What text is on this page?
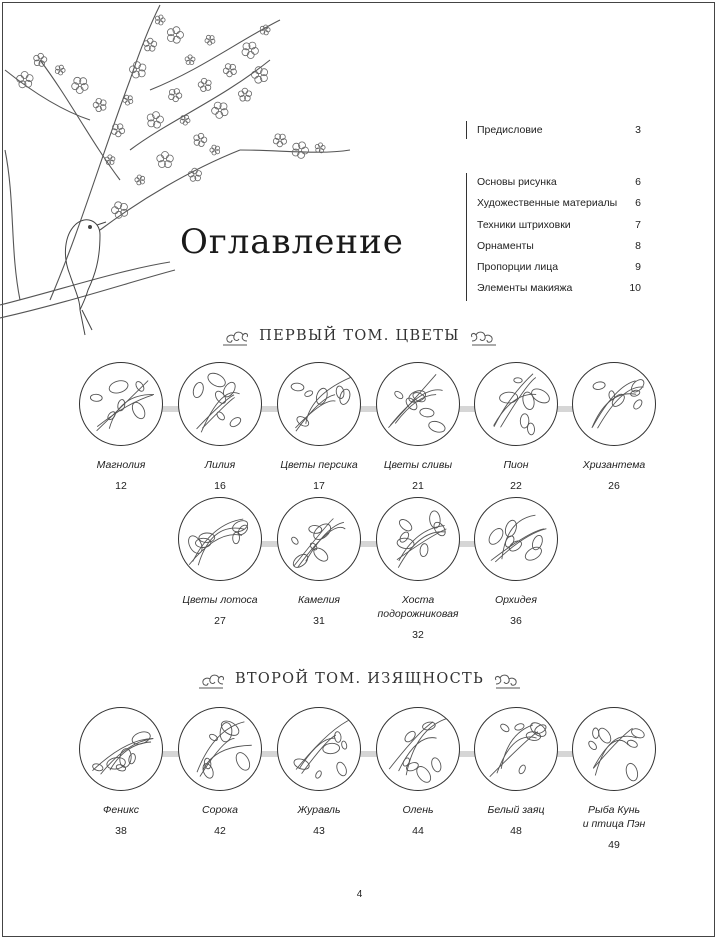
Оглавление
Предисловие	3
Основы рисунка	6
Художественные материалы 6
Техники штриховки	7
Орнаменты	8
Пропорции лица	9
Элементы макияжа	10
ПЕРВЫЙ ТОМ. ЦВЕТЫ
Магнолия
12
Лилия
16
Цветы персика
17
Цветы сливы
21
Пион
22
Хризантема
26
Цветы лотоса
27
Камелия
31
Хоста
подорожниковая
32
Орхидея
36
ВТОРОЙ ТОМ. ИЗЯЩНОСТЬ
Феникс
38
Сорока
42
Журавль
43
Олень
44
Белый заяц
48
Рыба Кунь
и птица Пэн
49
4
